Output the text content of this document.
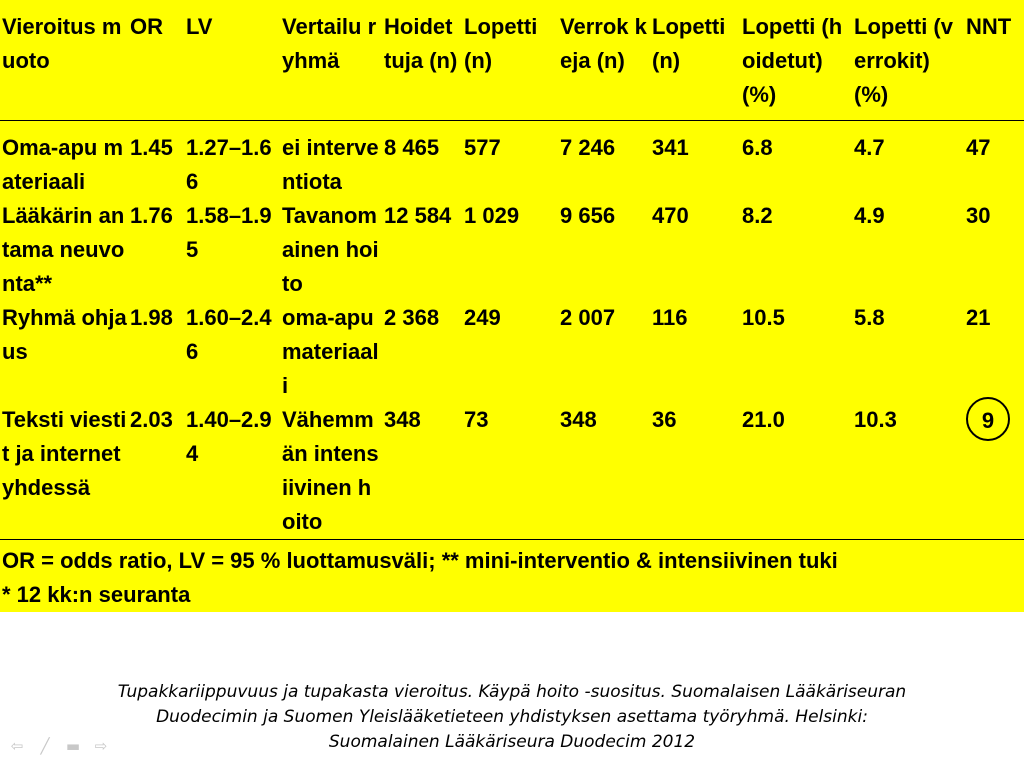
Vieroitus muoto	OR	LV	Vertailu ryhmä	Hoidet tuja (n)	Lopetti (n)	Verrok keja (n)	Lopetti (n)	Lopetti (hoidetut) (%)	Lopetti (verrokit) (%)	NNT
Oma-apu materiaali	1.45	1.27–1.66	ei interventiota	8 465	577	7 246	341	6.8	4.7	47
Lääkärin antama neuvonta**	1.76	1.58–1.95	Tavanomainen hoito	12 584	1 029	9 656	470	8.2	4.9	30
Ryhmä ohjaus	1.98	1.60–2.46	oma-apumateriaali	2 368	249	2 007	116	10.5	5.8	21
Teksti viestit ja internet yhdessä	2.03	1.40–2.94	Vähemmän intensiivinen hoito	348	73	348	36	21.0	10.3	9
OR = odds ratio, LV = 95 % luottamusväli; ** mini-interventio & intensiivinen tuki
* 12 kk:n seuranta
Tupakkariippuvuus ja tupakasta vieroitus. Käypä hoito -suositus. Suomalaisen Lääkäriseuran
Duodecimin ja Suomen Yleislääketieteen yhdistyksen asettama työryhmä. Helsinki:
Suomalainen Lääkäriseura Duodecim 2012
⇦ ╱ ▬ ⇨
